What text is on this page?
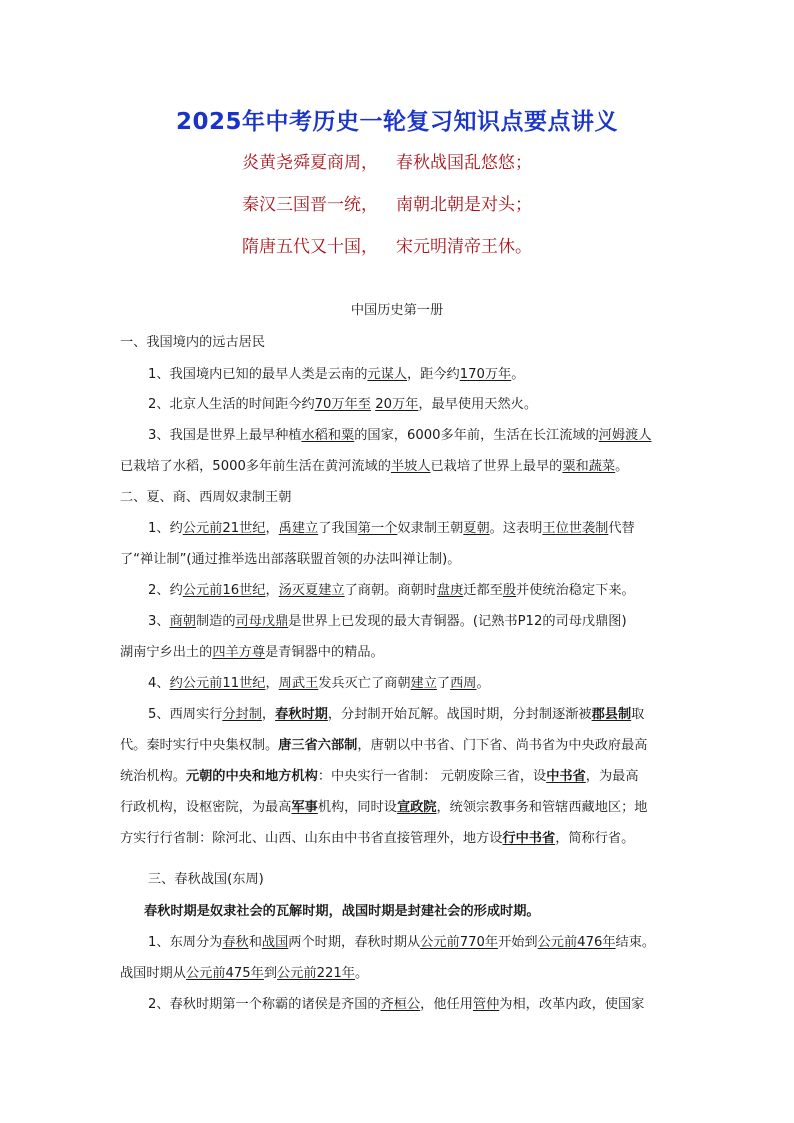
2025年中考历史一轮复习知识点要点讲义
炎黄尧舜夏商周， 春秋战国乱悠悠；
秦汉三国晋一统， 南朝北朝是对头；
隋唐五代又十国， 宋元明清帝王休。
中国历史第一册
一、我国境内的远古居民
1、我国境内已知的最早人类是云南的元谋人，距今约170万年。
2、北京人生活的时间距今约70万年至 20万年，最早使用天然火。
3、我国是世界上最早种植水稻和粟的国家，6000多年前，生活在长江流域的河姆渡人
已栽培了水稻，5000多年前生活在黄河流域的半坡人已栽培了世界上最早的粟和蔬菜。
二、夏、商、西周奴隶制王朝
1、约公元前21世纪，禹建立了我国第一个奴隶制王朝夏朝。这表明王位世袭制代替
了“禅让制”(通过推举选出部落联盟首领的办法叫禅让制)。
2、约公元前16世纪，汤灭夏建立了商朝。商朝时盘庚迁都至殷并使统治稳定下来。
3、商朝制造的司母戊鼎是世界上已发现的最大青铜器。(记熟书P12的司母戊鼎图)
湖南宁乡出土的四羊方尊是青铜器中的精品。
4、约公元前11世纪，周武王发兵灭亡了商朝建立了西周。
5、西周实行分封制，春秋时期，分封制开始瓦解。战国时期，分封制逐渐被郡县制取
代。秦时实行中央集权制。唐三省六部制，唐朝以中书省、门下省、尚书省为中央政府最高
统治机构。元朝的中央和地方机构：中央实行一省制： 元朝废除三省，设中书省，为最高
行政机构，设枢密院，为最高军事机构，同时设宣政院，统领宗教事务和管辖西藏地区；地
方实行行省制：除河北、山西、山东由中书省直接管理外，地方设行中书省，简称行省。
三、春秋战国(东周)
春秋时期是奴隶社会的瓦解时期，战国时期是封建社会的形成时期。
1、东周分为春秋和战国两个时期，春秋时期从公元前770年开始到公元前476年结束。
战国时期从公元前475年到公元前221年。
2、春秋时期第一个称霸的诸侯是齐国的齐桓公，他任用管仲为相，改革内政，使国家
